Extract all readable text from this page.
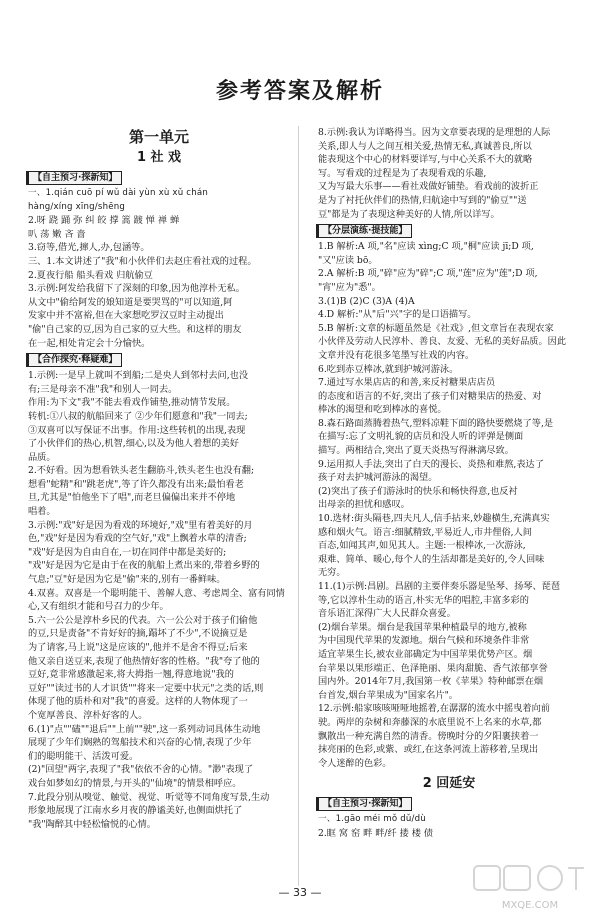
参考答案及解析
第一单元
1 社 戏
【自主预习·探新知】

一、1.qián cuō pí wǔ dài yùn xù xǔ chán

hàng/xíng xīng/shēng

2.呀 跷 踊 弥 纠 皎 撑 篙 踱 惮 禅 蝉

叭 荡 嫩 吝 啬

3.窃等,借光,撺人,办,包涵等。

三、1.本文讲述了"我"和小伙伴们去赵庄看社戏的过程。

2.夏夜行船 船头看戏 归航偷豆

3.示例:阿发给我留下了深刻的印象,因为他淳朴无私。

从文中"偷给阿发的娘知道是要哭骂的"可以知道,阿

发家中并不富裕,但在大家想吃罗汉豆时主动提出

"偷"自己家的豆,因为自己家的豆大些。和这样的朋友

在一起,相处肯定会十分愉快。

【合作探究·释疑难】

1.示例:一是早上就叫不到船;二是央人到邻村去问,也没

有;三是母亲不准"我"和别人一同去。

作用:为下文"我"不能去看戏作铺垫,推动情节发展。

转机:①八叔的航船回来了 ②少年们愿意和"我"一同去;

③双喜可以写保证不出事。作用:这些转机的出现,表现

了小伙伴们的热心,机智,细心,以及为他人着想的美好

品质。

2.不好看。因为想看铁头老生翻筋斗,铁头老生也没有翻;

想看"蛇精"和"跳老虎",等了许久都没有出来;最怕看老

旦,尤其是"怕他坐下了唱",而老旦偏偏出来并不停地

唱着。

3.示例:"戏"好是因为看戏的环境好,"戏"里有着美好的月

色,"戏"好是因为看戏的空气好,"戏"上飘着水草的清香;

"戏"好是因为自由自在,一切在同伴中都是美好的;

"戏"好是因为它是由于在夜的航船上煮出来的,带着乡野的

气息;"豆"好是因为它是"偷"来的,别有一番鲜味。

4.双喜。双喜是一个聪明能干、善解人意、考虑周全、富有同情

心,又有组织才能和号召力的少年。

5.六一公公是淳朴乡民的代表。六一公公对于孩子们偷他

的豆,只是责备"不肯好好的摘,蹋坏了不少",不说摘豆是

为了请客,马上说"这是应该的",他并不是舍不得豆;后来

他又亲自送豆来,表现了他热情好客的性格。"我"夸了他的

豆好,竟非常感激起来,将大拇指一翘,得意地说"我的

豆好""读过书的人才识货""将来一定要中状元"之类的话,则

体现了他的质朴和对"我"的喜爱。这样的人物体现了一

个宽厚善良、淳朴好客的人。

6.(1)"点""磕""退后""上前""驶",这一系列动词具体生动地

展现了少年们娴熟的驾船技术和兴奋的心情,表现了少年

们的聪明能干、活泼可爱。

(2)"回望"两字,表现了"我"依依不舍的心情。"渺"表现了

戏台如梦如幻的情景,与开头的"仙境"的情景相呼应。

7.此段分别从嗅觉、触觉、视觉、听觉等不同角度写景,生动

形象地展现了江南水乡月夜的静谧美好,也侧面烘托了

"我"陶醉其中轻松愉悦的心情。

8.示例:我认为详略得当。因为文章要表现的是理想的人际

关系,即人与人之间互相关爱,热情无私,真诚善良,所以

能表现这个中心的材料要详写,与中心关系不大的就略

写。写看戏的过程是为了表现看戏的乐趣,

又为写最大乐事——看社戏做好铺垫。看戏前的波折正

是为了衬托伙伴们的热情,归航途中写到的"偷豆""送

豆"都是为了表现这种美好的人情,所以详写。

【分层演练·提技能】

1.B 解析:A 项,"名"应读 xìng;C 项,"桐"应读 jī;D 项,

"又"应读 bō。

2.A 解析:B 项,"碎"应为"碎";C 项,"莲"应为"莲";D 项,

"宵"应为"悉"。

3.(1)B (2)C (3)A (4)A

4.D 解析:"从"后"兴"字的是口语描写。

5.B 解析:文章的标题虽然是《社戏》,但文章旨在表现农家

小伙伴及劳动人民淳朴、善良、友爱、无私的美好品质。因此

文章并没有花很多笔墨写社戏的内容。

6.吃到赤豆棒冰,就到护城河游泳。

7.通过写水果店店的和善,来反衬糖果店店员

的态度和语言的不好,突出了孩子们对糖果店的热爱、对

棒冰的渴望和吃到棒冰的喜悦。

8.森石路面蒸腾着热气,塑料凉鞋下面的路快要燃烧了等,是

在描写:忘了文明礼貌的店员和没人听的评弹是侧面

描写。两相结合,突出了夏天炎热写得淋漓尽致。

9.运用拟人手法,突出了白天的漫长、炎热和难熬,表达了

孩子对去护城河游泳的渴望。

(2)突出了孩子们游泳时的快乐和畅快得意,也反衬

出母亲的担忧和感叹。

10.选材:街头隔巷,四夫凡人,信手拈来,妙趣横生,充满真实

感和烟火气。语言:细腻精致,平易近人,市井俚俗,人间

百态,如闻其声,如见其人。主题:一根棒冰,一次游泳,

艰难、简单、暖心,每个人的生活却都是美好的,令人回味

无穷。

11.(1)示例:昌剧。昌剧的主要伴奏乐器是坠琴、扬琴、琵琶

等,它以淳朴生动的语言,朴实无华的唱腔,丰富多彩的

音乐语汇深得广大人民群众喜爱。

(2)烟台苹果。烟台是我国苹果种植最早的地方,被称

为中国现代苹果的发源地。烟台气候和环境条件非常

适宜苹果生长,被农业部确定为中国苹果优势产区。烟

台苹果以果形端正、色泽艳丽、果肉甜脆、香气浓郁享誉

国内外。2014年7月,我国第一枚《苹果》特种邮票在烟

台首发,烟台苹果成为"国家名片"。

12.示例:船家咳咳哑哑地摇着,在潺潺的流水中摇曳着向前

驶。两岸的杂树和奔藤深的水底里说不上名来的水草,都

飘散出一种充满自然的清香。傍晚时分的夕阳裹挟着一

抹亮丽的色彩,或紫、或红,在这条河流上游移着,呈现出

令人迷醉的色彩。

2 回延安
【自主预习·探新知】

一、1.gāo méi mǒ dǔ/dù

2.眶 窝 窑 畔 畔/纤 搂 楼 债

— 33 —
MXQE.COM
